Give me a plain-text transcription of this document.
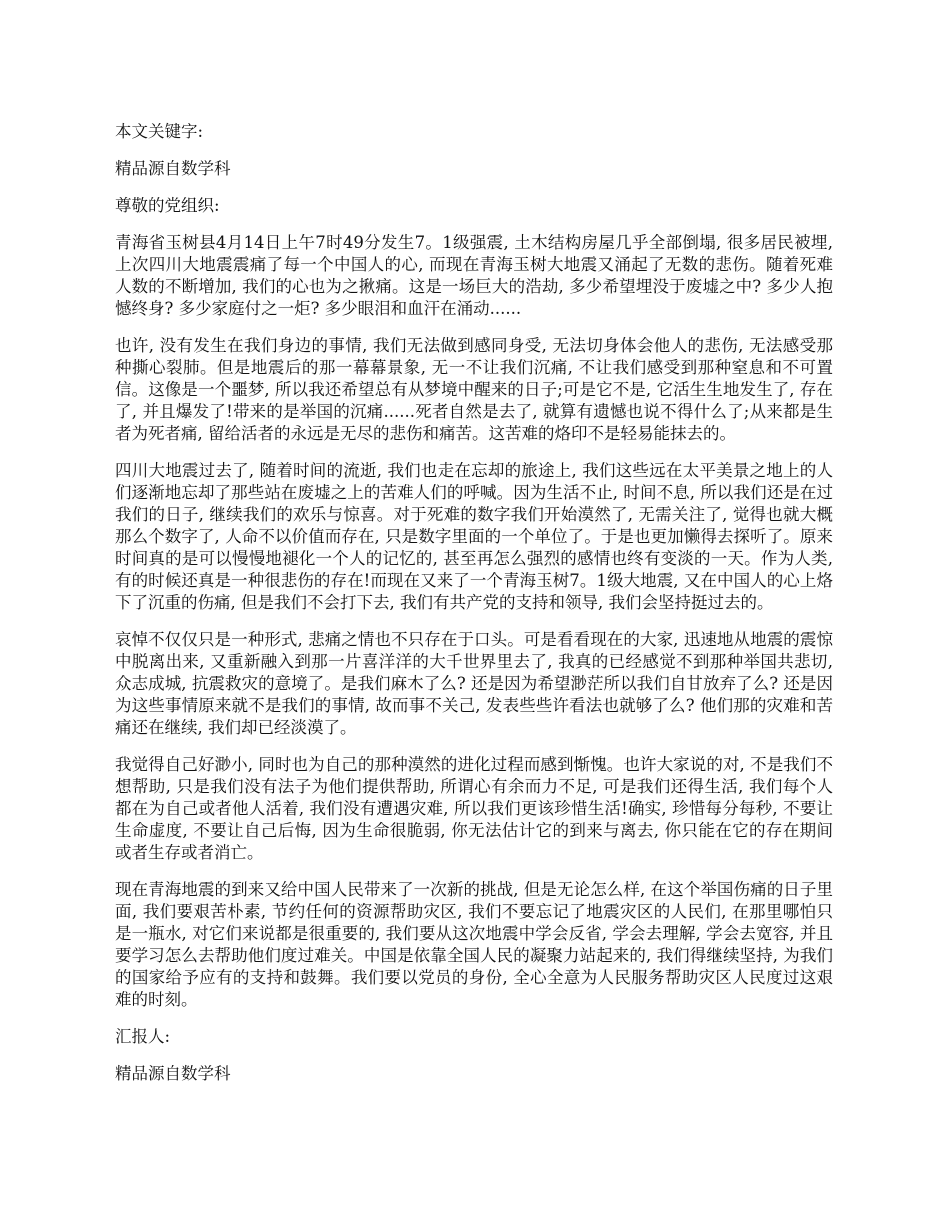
本文关键字:

精品源自数学科

尊敬的党组织:

青海省玉树县4月14日上午7时49分发生7。1级强震, 土木结构房屋几乎全部倒塌, 很多居民被埋, 上次四川大地震震痛了每一个中国人的心, 而现在青海玉树大地震又涌起了无数的悲伤。随着死难人数的不断增加, 我们的心也为之揪痛。这是一场巨大的浩劫, 多少希望埋没于废墟之中? 多少人抱憾终身? 多少家庭付之一炬? 多少眼泪和血汗在涌动......

也许, 没有发生在我们身边的事情, 我们无法做到感同身受, 无法切身体会他人的悲伤, 无法感受那种撕心裂肺。但是地震后的那一幕幕景象, 无一不让我们沉痛, 不让我们感受到那种窒息和不可置信。这像是一个噩梦, 所以我还希望总有从梦境中醒来的日子;可是它不是, 它活生生地发生了, 存在了, 并且爆发了!带来的是举国的沉痛......死者自然是去了, 就算有遗憾也说不得什么了;从来都是生者为死者痛, 留给活者的永远是无尽的悲伤和痛苦。这苦难的烙印不是轻易能抹去的。

四川大地震过去了, 随着时间的流逝, 我们也走在忘却的旅途上, 我们这些远在太平美景之地上的人们逐渐地忘却了那些站在废墟之上的苦难人们的呼喊。因为生活不止, 时间不息, 所以我们还是在过我们的日子, 继续我们的欢乐与惊喜。对于死难的数字我们开始漠然了, 无需关注了, 觉得也就大概那么个数字了, 人命不以价值而存在, 只是数字里面的一个单位了。于是也更加懒得去探听了。原来时间真的是可以慢慢地褪化一个人的记忆的, 甚至再怎么强烈的感情也终有变淡的一天。作为人类, 有的时候还真是一种很悲伤的存在!而现在又来了一个青海玉树7。1级大地震, 又在中国人的心上烙下了沉重的伤痛, 但是我们不会打下去, 我们有共产党的支持和领导, 我们会坚持挺过去的。

哀悼不仅仅只是一种形式, 悲痛之情也不只存在于口头。可是看看现在的大家, 迅速地从地震的震惊中脱离出来, 又重新融入到那一片喜洋洋的大千世界里去了, 我真的已经感觉不到那种举国共悲切, 众志成城, 抗震救灾的意境了。是我们麻木了么? 还是因为希望渺茫所以我们自甘放弃了么? 还是因为这些事情原来就不是我们的事情, 故而事不关己, 发表些些许看法也就够了么? 他们那的灾难和苦痛还在继续, 我们却已经淡漠了。

我觉得自己好渺小, 同时也为自己的那种漠然的进化过程而感到惭愧。也许大家说的对, 不是我们不想帮助, 只是我们没有法子为他们提供帮助, 所谓心有余而力不足, 可是我们还得生活, 我们每个人都在为自己或者他人活着, 我们没有遭遇灾难, 所以我们更该珍惜生活!确实, 珍惜每分每秒, 不要让生命虚度, 不要让自己后悔, 因为生命很脆弱, 你无法估计它的到来与离去, 你只能在它的存在期间或者生存或者消亡。

现在青海地震的到来又给中国人民带来了一次新的挑战, 但是无论怎么样, 在这个举国伤痛的日子里面, 我们要艰苦朴素, 节约任何的资源帮助灾区, 我们不要忘记了地震灾区的人民们, 在那里哪怕只是一瓶水, 对它们来说都是很重要的, 我们要从这次地震中学会反省, 学会去理解, 学会去宽容, 并且要学习怎么去帮助他们度过难关。中国是依靠全国人民的凝聚力站起来的, 我们得继续坚持, 为我们的国家给予应有的支持和鼓舞。我们要以党员的身份, 全心全意为人民服务帮助灾区人民度过这艰难的时刻。

汇报人:

精品源自数学科
